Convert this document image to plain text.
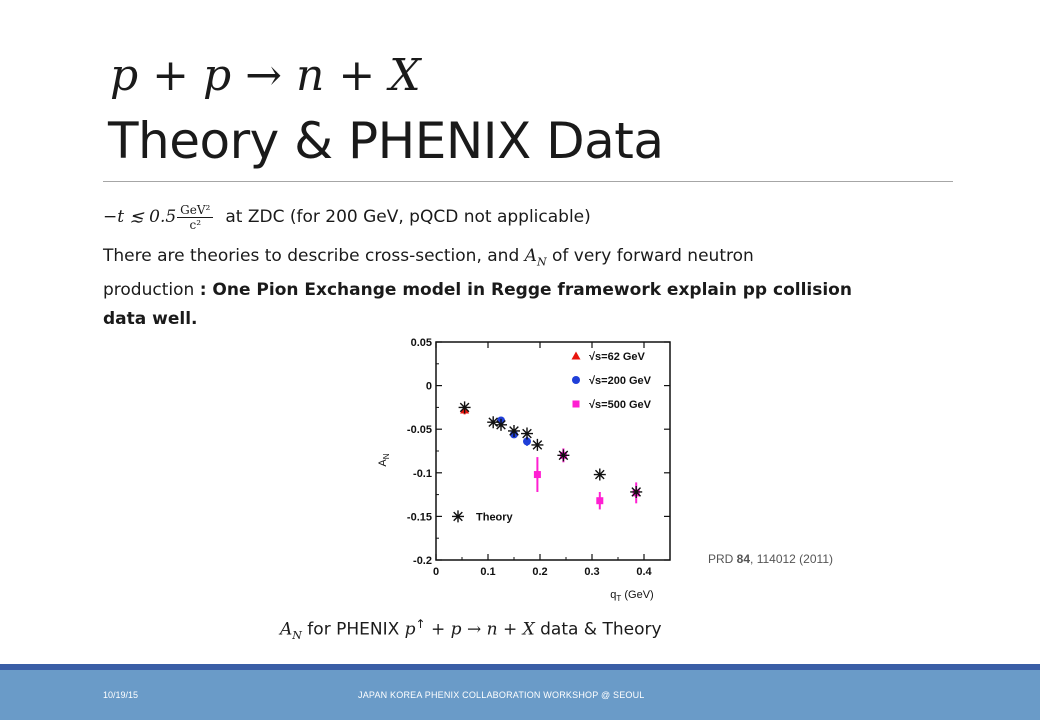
p + p → n + X
Theory & PHENIX Data
−t ≲ $0.5 \frac{\text{GeV²}}{\text{c²}}$ at ZDC (for 200 GeV, pQCD not applicable)
There are theories to describe cross-section, and $A_N$ of very forward neutron
production : One Pion Exchange model in Regge framework explain pp collision
data well.
0	0.1	0.2	0.3	0.4
0.05
0
-0.05
-0.1
-0.15
-0.2
$q_T$ (GeV)
$A_N$
√s=62 GeV
√s=200 GeV
√s=500 GeV
Theory
PRD 84, 114012 (2011)
$A_N$ for PHENIX p↑ + p → n + X data & Theory
10/19/15	JAPAN KOREA PHENIX COLLABORATION WORKSHOP @ SEOUL
